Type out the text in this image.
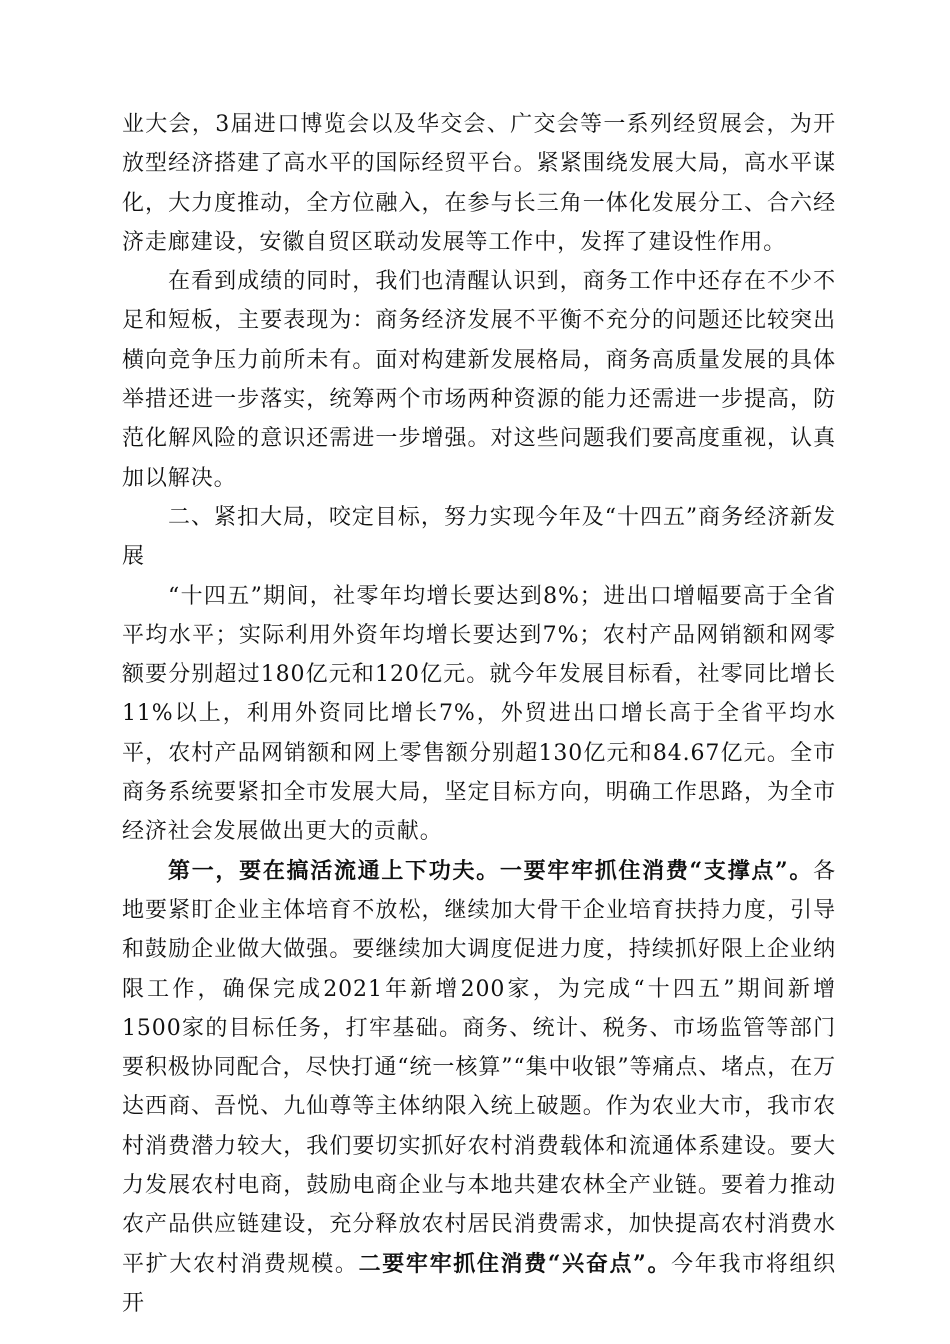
业大会，3届进口博览会以及华交会、广交会等一系列经贸展会，为开放型经济搭建了高水平的国际经贸平台。紧紧围绕发展大局，高水平谋化，大力度推动，全方位融入，在参与长三角一体化发展分工、合六经济走廊建设，安徽自贸区联动发展等工作中，发挥了建设性作用。

在看到成绩的同时，我们也清醒认识到，商务工作中还存在不少不足和短板，主要表现为：商务经济发展不平衡不充分的问题还比较突出横向竞争压力前所未有。面对构建新发展格局，商务高质量发展的具体举措还进一步落实，统筹两个市场两种资源的能力还需进一步提高，防范化解风险的意识还需进一步增强。对这些问题我们要高度重视，认真加以解决。

二、紧扣大局，咬定目标，努力实现今年及“十四五”商务经济新发展

“十四五”期间，社零年均增长要达到8%；进出口增幅要高于全省平均水平；实际利用外资年均增长要达到7%；农村产品网销额和网零额要分别超过180亿元和120亿元。就今年发展目标看，社零同比增长11%以上，利用外资同比增长7%，外贸进出口增长高于全省平均水平，农村产品网销额和网上零售额分别超130亿元和84.67亿元。全市商务系统要紧扣全市发展大局，坚定目标方向，明确工作思路，为全市经济社会发展做出更大的贡献。

第一，要在搞活流通上下功夫。一要牢牢抓住消费“支撑点”。各地要紧盯企业主体培育不放松，继续加大骨干企业培育扶持力度，引导和鼓励企业做大做强。要继续加大调度促进力度，持续抓好限上企业纳限工作，确保完成2021年新增200家，为完成“十四五”期间新增1500家的目标任务，打牢基础。商务、统计、税务、市场监管等部门要积极协同配合，尽快打通“统一核算”“集中收银”等痛点、堵点，在万达西商、吾悦、九仙尊等主体纳限入统上破题。作为农业大市，我市农村消费潜力较大，我们要切实抓好农村消费载体和流通体系建设。要大力发展农村电商，鼓励电商企业与本地共建农林全产业链。要着力推动农产品供应链建设，充分释放农村居民消费需求，加快提高农村消费水平扩大农村消费规模。二要牢牢抓住消费“兴奋点”。今年我市将组织开
